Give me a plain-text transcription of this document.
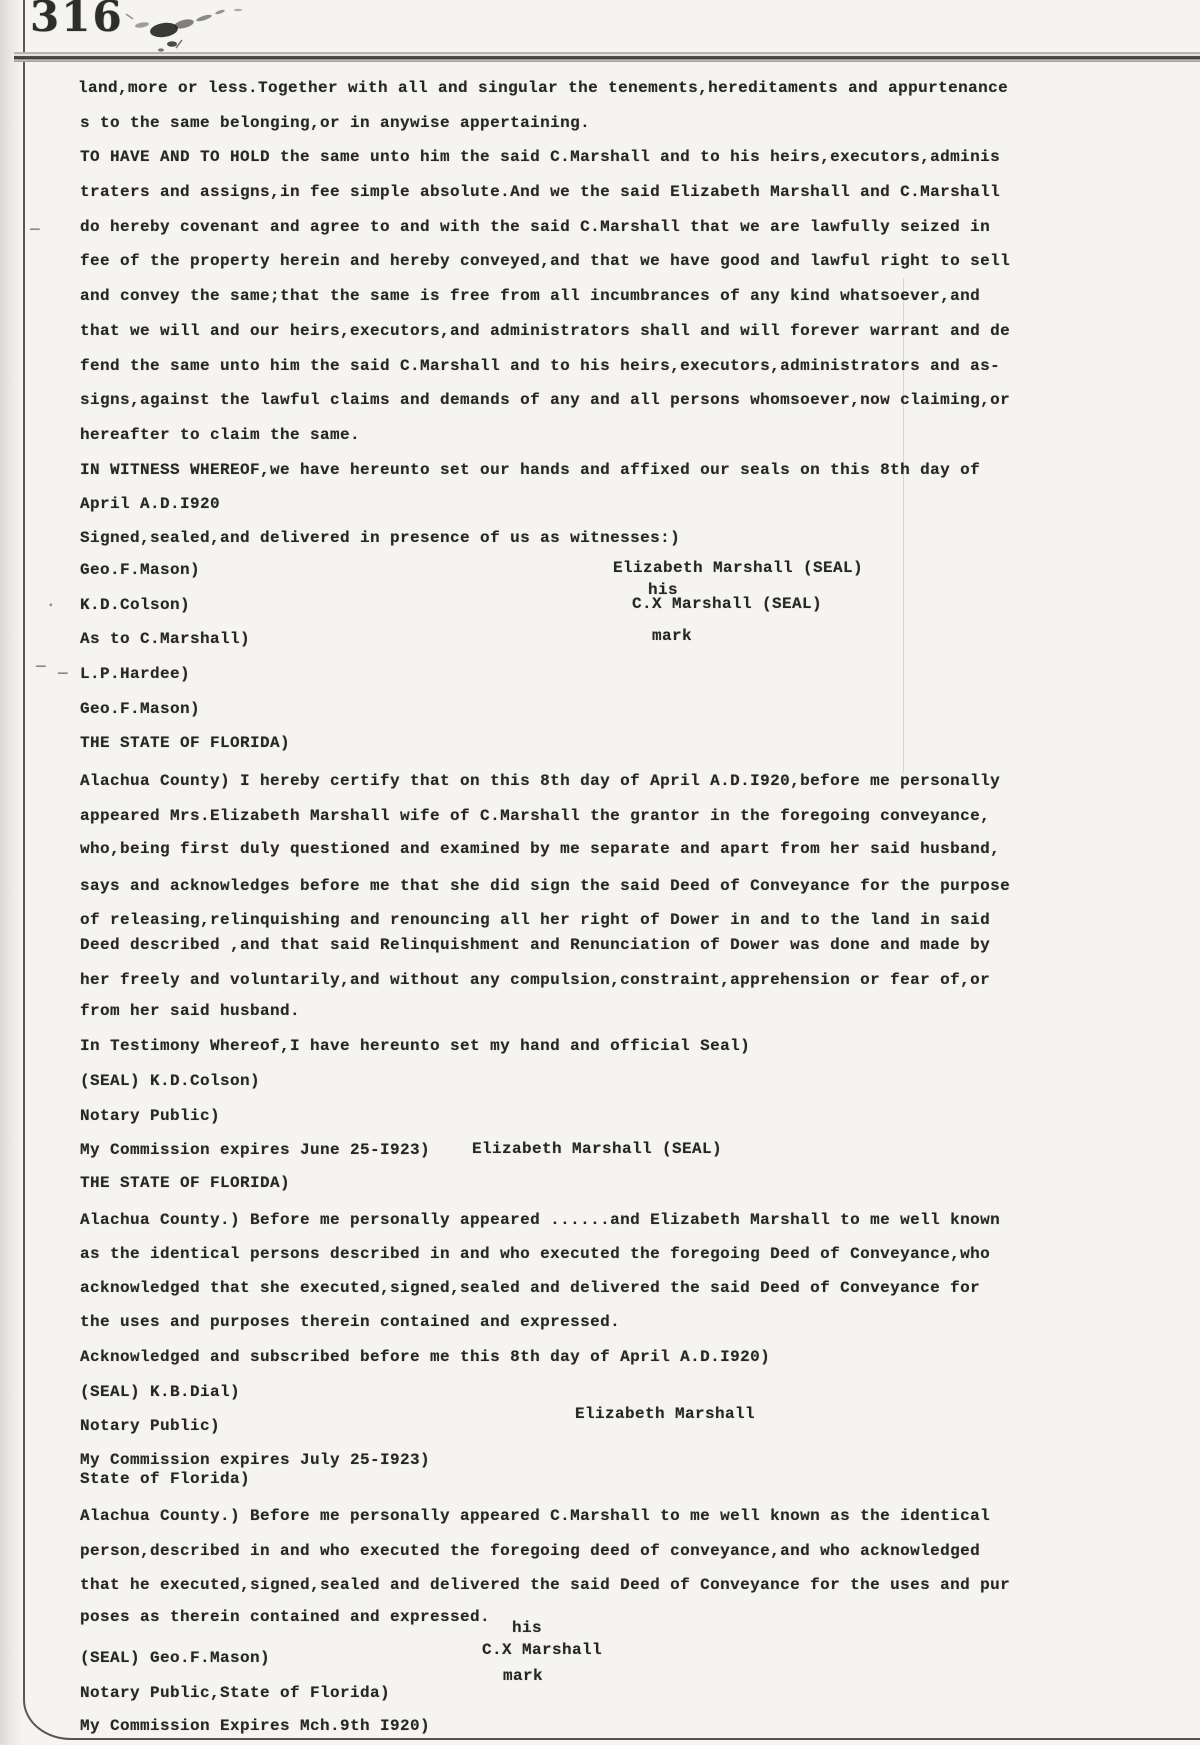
316
land,more or less.Together with all and singular the tenements,hereditaments and appurtenance
s to the same belonging,or in anywise appertaining.
TO HAVE AND TO HOLD the same unto him the said C.Marshall and to his heirs,executors,adminis
traters and assigns,in fee simple absolute.And we the said Elizabeth Marshall and C.Marshall
do hereby covenant and agree to and with the said C.Marshall that we are lawfully seized in
fee of the property herein and hereby conveyed,and that we have good and lawful right to sell
and convey the same;that the same is free from all incumbrances of any kind whatsoever,and
that we will and our heirs,executors,and administrators shall and will forever warrant and de
fend the same unto him the said C.Marshall and to his heirs,executors,administrators and as-
signs,against the lawful claims and demands of any and all persons whomsoever,now claiming,or
hereafter to claim the same.
IN WITNESS WHEREOF,we have hereunto set our hands and affixed our seals on this 8th day of
April A.D.I920
Signed,sealed,and delivered in presence of us as witnesses:)
Geo.F.Mason)	Elizabeth Marshall (SEAL)
his
K.D.Colson)	C.X Marshall (SEAL)
As to C.Marshall)	mark
L.P.Hardee)
Geo.F.Mason)
THE STATE OF FLORIDA)
Alachua County) I hereby certify that on this 8th day of April A.D.I920,before me personally
appeared Mrs.Elizabeth Marshall wife of C.Marshall the grantor in the foregoing conveyance,
who,being first duly questioned and examined by me separate and apart from her said husband,
says and acknowledges before me that she did sign the said Deed of Conveyance for the purpose
of releasing,relinquishing and renouncing all her right of Dower in and to the land in said
Deed described ,and that said Relinquishment and Renunciation of Dower was done and made by
her freely and voluntarily,and without any compulsion,constraint,apprehension or fear of,or
from her said husband.
In Testimony Whereof,I have hereunto set my hand and official Seal)
(SEAL) K.D.Colson)
Notary Public)
My Commission expires June 25-I923)	Elizabeth Marshall (SEAL)
THE STATE OF FLORIDA)
Alachua County.) Before me personally appeared ......and Elizabeth Marshall to me well known
as the identical persons described in and who executed the foregoing Deed of Conveyance,who
acknowledged that she executed,signed,sealed and delivered the said Deed of Conveyance for
the uses and purposes therein contained and expressed.
Acknowledged and subscribed before me this 8th day of April A.D.I920)
(SEAL) K.B.Dial)
Notary Public)
Elizabeth Marshall
My Commission expires July 25-I923)
State of Florida)
Alachua County.) Before me personally appeared C.Marshall to me well known as the identical
person,described in and who executed the foregoing deed of conveyance,and who acknowledged
that he executed,signed,sealed and delivered the said Deed of Conveyance for the uses and pur
poses as therein contained and expressed.
his
(SEAL) Geo.F.Mason)	C.X Marshall
Notary Public,State of Florida)
mark
My Commission Expires Mch.9th I920)
—
—
.
—
